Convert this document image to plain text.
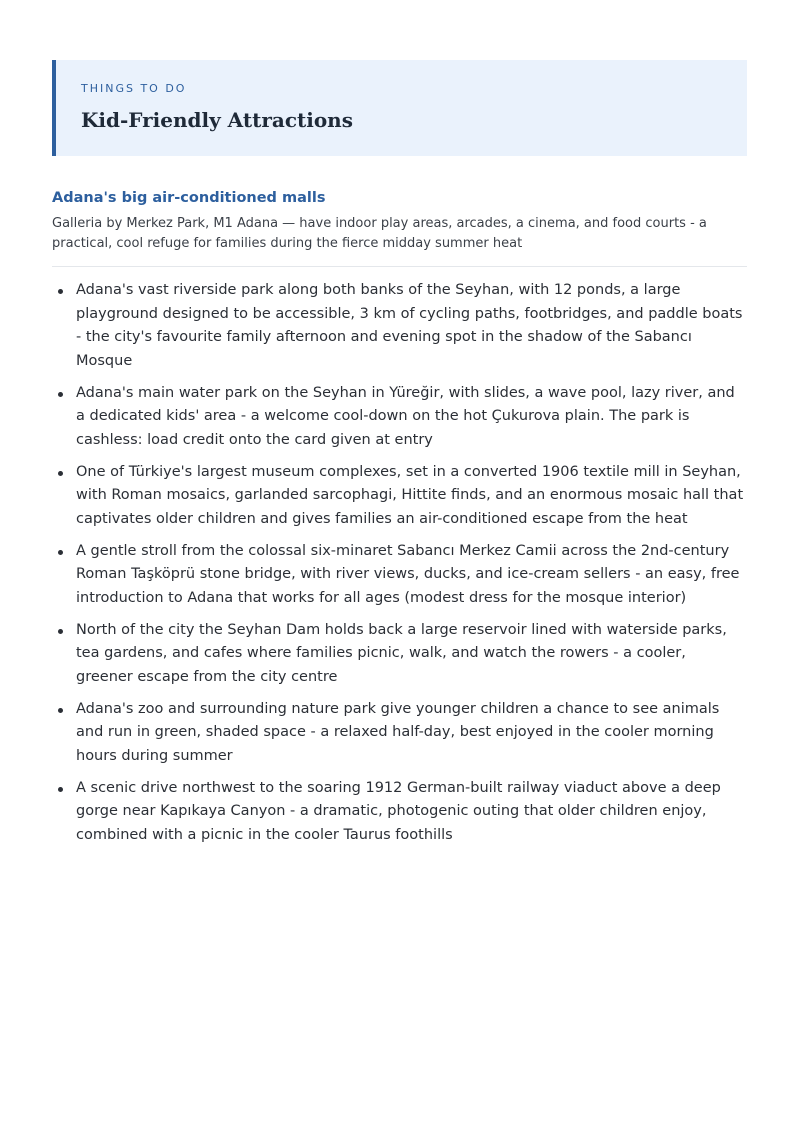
THINGS TO DO

Kid-Friendly Attractions
Adana's big air-conditioned malls

Galleria by Merkez Park, M1 Adana — have indoor play areas, arcades, a cinema, and food courts - a practical, cool refuge for families during the fierce midday summer heat

Adana's vast riverside park along both banks of the Seyhan, with 12 ponds, a large playground designed to be accessible, 3 km of cycling paths, footbridges, and paddle boats - the city's favourite family afternoon and evening spot in the shadow of the Sabancı Mosque
Adana's main water park on the Seyhan in Yüreğir, with slides, a wave pool, lazy river, and a dedicated kids' area - a welcome cool-down on the hot Çukurova plain. The park is cashless: load credit onto the card given at entry
One of Türkiye's largest museum complexes, set in a converted 1906 textile mill in Seyhan, with Roman mosaics, garlanded sarcophagi, Hittite finds, and an enormous mosaic hall that captivates older children and gives families an air-conditioned escape from the heat
A gentle stroll from the colossal six-minaret Sabancı Merkez Camii across the 2nd-century Roman Taşköprü stone bridge, with river views, ducks, and ice-cream sellers - an easy, free introduction to Adana that works for all ages (modest dress for the mosque interior)
North of the city the Seyhan Dam holds back a large reservoir lined with waterside parks, tea gardens, and cafes where families picnic, walk, and watch the rowers - a cooler, greener escape from the city centre
Adana's zoo and surrounding nature park give younger children a chance to see animals and run in green, shaded space - a relaxed half-day, best enjoyed in the cooler morning hours during summer
A scenic drive northwest to the soaring 1912 German-built railway viaduct above a deep gorge near Kapıkaya Canyon - a dramatic, photogenic outing that older children enjoy, combined with a picnic in the cooler Taurus foothills
